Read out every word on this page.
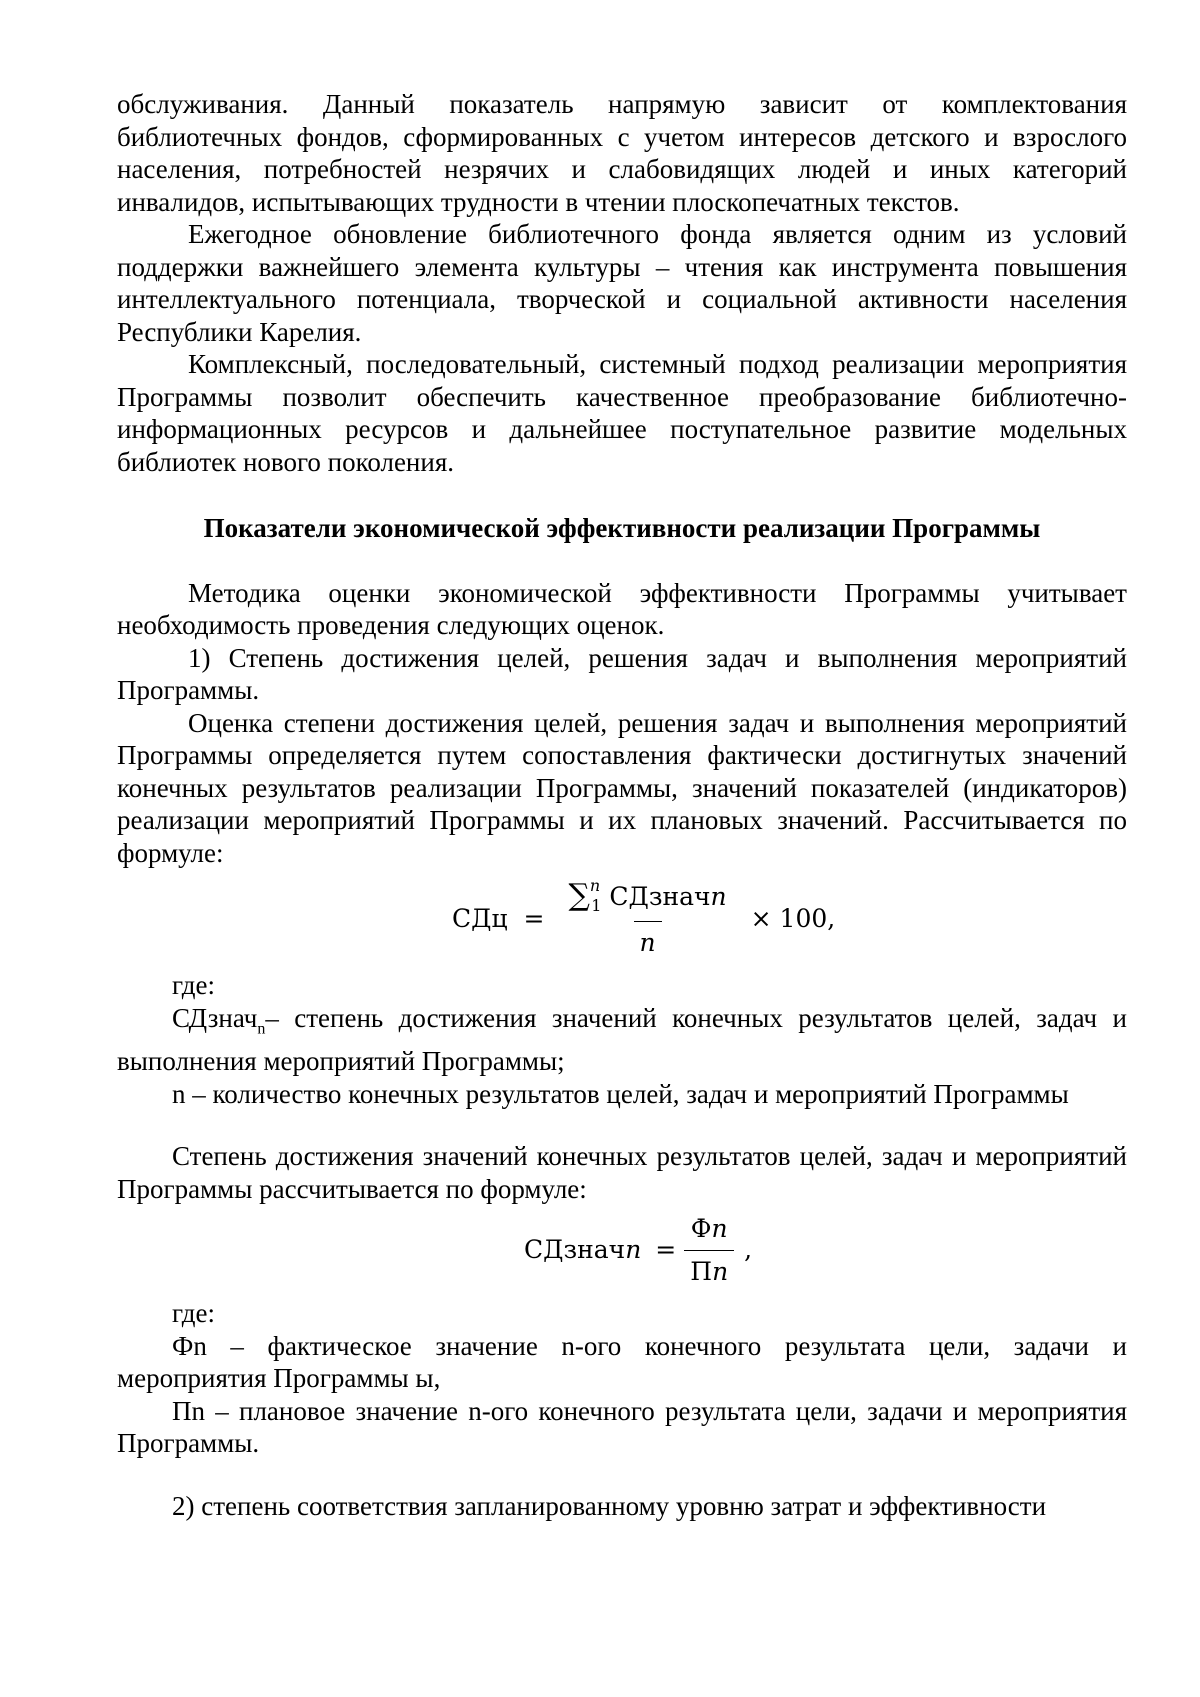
обслуживания. Данный показатель напрямую зависит от комплектования библиотечных фондов, сформированных с учетом интересов детского и взрослого населения, потребностей незрячих и слабовидящих людей и иных категорий инвалидов, испытывающих трудности в чтении плоскопечатных текстов.

Ежегодное обновление библиотечного фонда является одним из условий поддержки важнейшего элемента культуры – чтения как инструмента повышения интеллектуального потенциала, творческой и социальной активности населения Республики Карелия.

Комплексный, последовательный, системный подход реализации мероприятия Программы позволит обеспечить качественное преобразование библиотечно-информационных ресурсов и дальнейшее поступательное развитие модельных библиотек нового поколения.

Показатели экономической эффективности реализации Программы

Методика оценки экономической эффективности Программы учитывает необходимость проведения следующих оценок.

1) Степень достижения целей, решения задач и выполнения мероприятий Программы.

Оценка степени достижения целей, решения задач и выполнения мероприятий Программы определяется путем сопоставления фактически достигнутых значений конечных результатов реализации Программы, значений показателей (индикаторов) реализации мероприятий Программы и их плановых значений. Рассчитывается по формуле:

СДц = $\frac{\sum^n_1 СДзначn}{n} \times 100$,

где:

СДзнач$_n$– степень достижения значений конечных результатов целей, задач и выполнения мероприятий Программы;

n – количество конечных результатов целей, задач и мероприятий Программы

Степень достижения значений конечных результатов целей, задач и мероприятий Программы рассчитывается по формуле:

СДзнач $n = \frac{Фn}{Пn}$ ,

где:

Фn – фактическое значение n-ого конечного результата цели, задачи и мероприятия Программы ы,

Пn – плановое значение n-ого конечного результата цели, задачи и мероприятия Программы.

2) степень соответствия запланированному уровню затрат и эффективности
